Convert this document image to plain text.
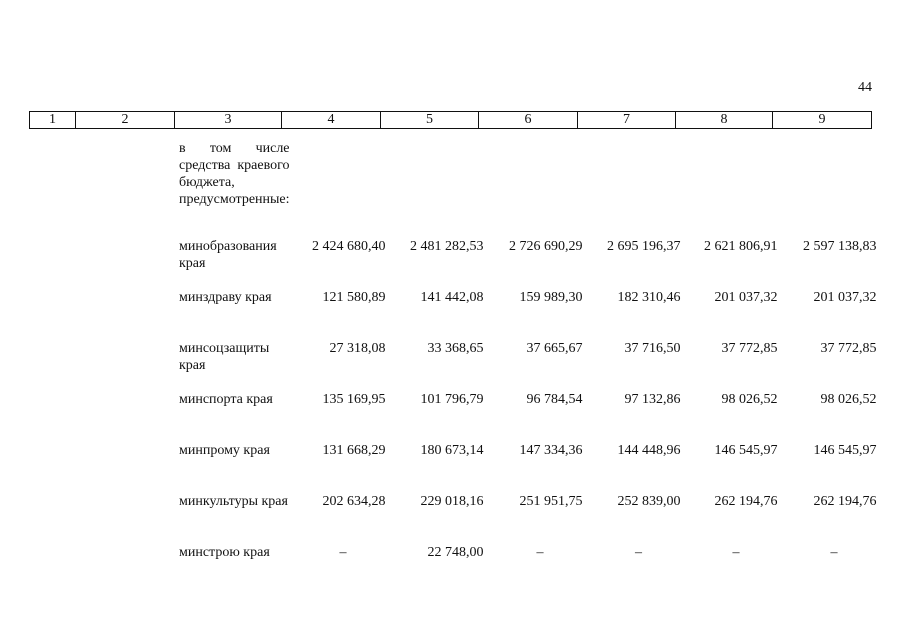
44
1	2	3	4	5	6	7	8	9

		в том числе средства краевого бюджета, предусмотренные:						

		минобразования края	2 424 680,40	2 481 282,53	2 726 690,29	2 695 196,37	2 621 806,91	2 597 138,83

		минздраву края	121 580,89	141 442,08	159 989,30	182 310,46	201 037,32	201 037,32

		минсоцзащиты края	27 318,08	33 368,65	37 665,67	37 716,50	37 772,85	37 772,85

		минспорта края	135 169,95	101 796,79	96 784,54	97 132,86	98 026,52	98 026,52

		минпрому края	131 668,29	180 673,14	147 334,36	144 448,96	146 545,97	146 545,97

		минкультуры края	202 634,28	229 018,16	251 951,75	252 839,00	262 194,76	262 194,76

		минстрою края	–	22 748,00	–	–	–	–
